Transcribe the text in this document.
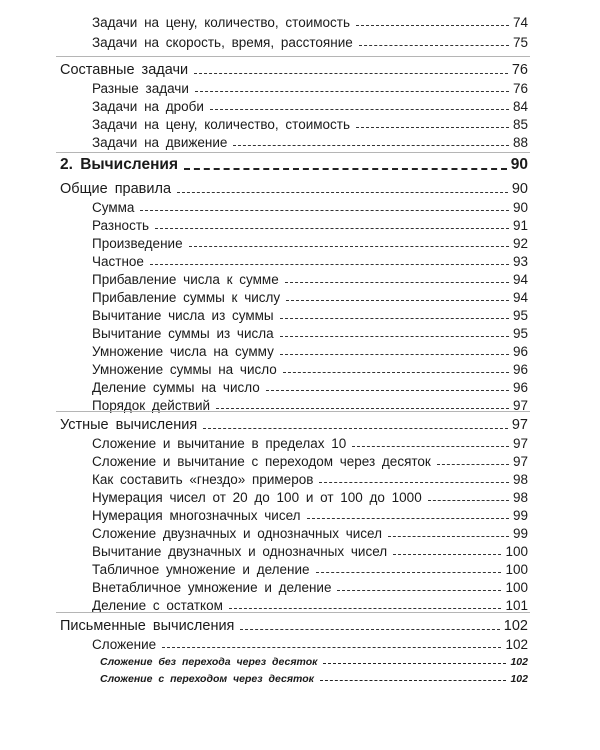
Задачи на цену, количество, стоимость	74
Задачи на скорость, время, расстояние	75
Составные задачи	76
Разные задачи	76
Задачи на дроби	84
Задачи на цену, количество, стоимость	85
Задачи на движение	88
2. Вычисления	90
Общие правила	90
Сумма	90
Разность	91
Произведение	92
Частное	93
Прибавление числа к сумме	94
Прибавление суммы к числу	94
Вычитание числа из суммы	95
Вычитание суммы из числа	95
Умножение числа на сумму	96
Умножение суммы на число	96
Деление суммы на число	96
Порядок действий	97
Устные вычисления	97
Сложение и вычитание в пределах 10	97
Сложение и вычитание с переходом через десяток	97
Как составить «гнездо» примеров	98
Нумерация чисел от 20 до 100 и от 100 до 1000	98
Нумерация многозначных чисел	99
Сложение двузначных и однозначных чисел	99
Вычитание двузначных и однозначных чисел	100
Табличное умножение и деление	100
Внетабличное умножение и деление	100
Деление с остатком	101
Письменные вычисления	102
Сложение	102
Сложение без перехода через десяток	102
Сложение с переходом через десяток	102
